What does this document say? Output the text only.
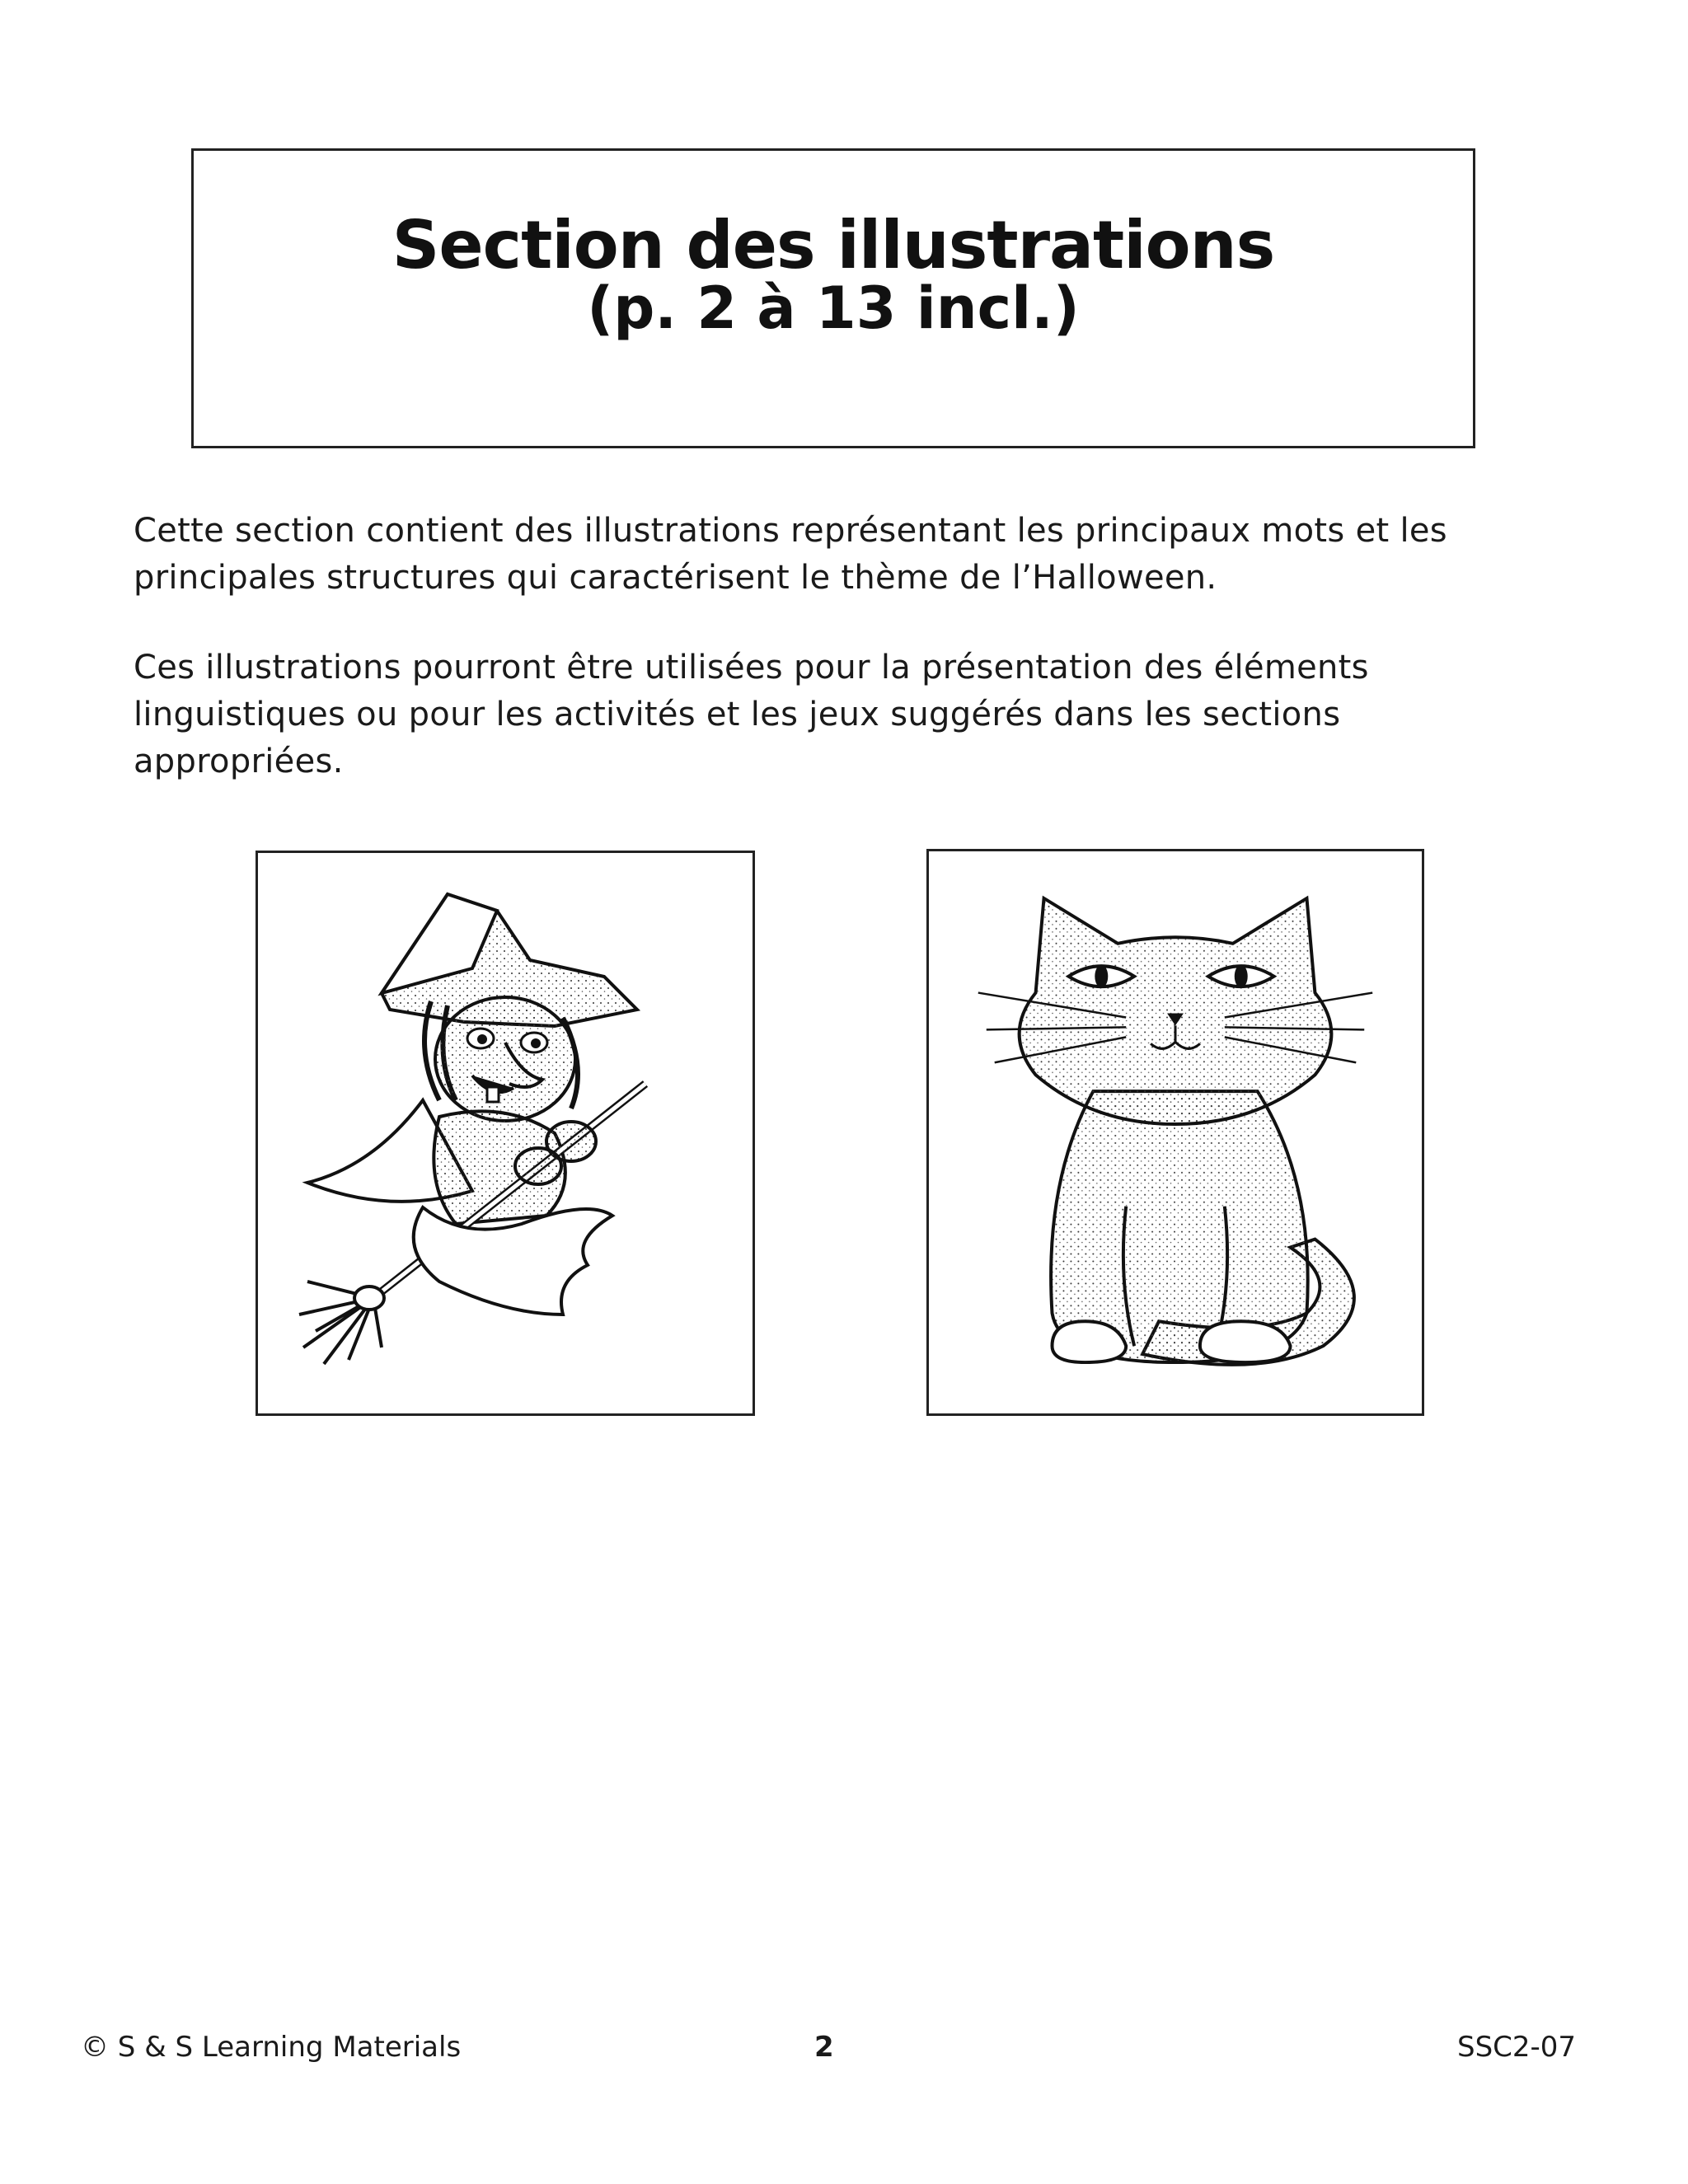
Section des illustrations
(p. 2 à 13 incl.)
Cette section contient des illustrations représentant les principaux mots et les principales structures qui caractérisent le thème de l’Halloween.
Ces illustrations pourront être utilisées pour la présentation des éléments linguistiques ou pour les activités et les jeux suggérés dans les sections appropriées.
© S & S Learning Materials	2	SSC2-07
